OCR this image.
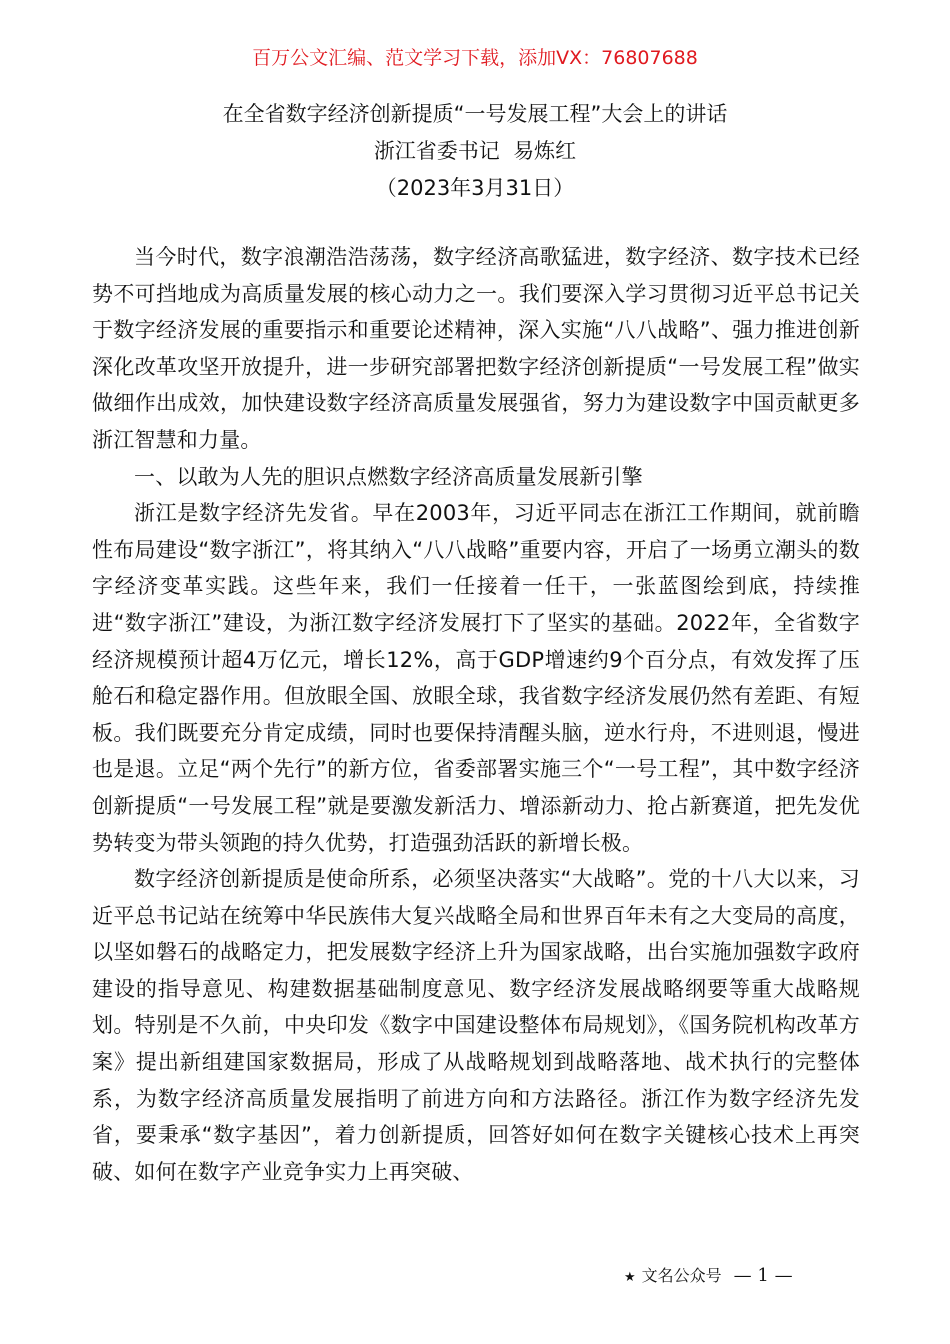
百万公文汇编、范文学习下载，添加VX：76807688
在全省数字经济创新提质“一号发展工程”大会上的讲话
浙江省委书记  易炼红
（2023年3月31日）

当今时代，数字浪潮浩浩荡荡，数字经济高歌猛进，数字经济、数字技术已经势不可挡地成为高质量发展的核心动力之一。我们要深入学习贯彻习近平总书记关于数字经济发展的重要指示和重要论述精神，深入实施“八八战略”、强力推进创新深化改革攻坚开放提升，进一步研究部署把数字经济创新提质“一号发展工程”做实做细作出成效，加快建设数字经济高质量发展强省，努力为建设数字中国贡献更多浙江智慧和力量。

一、以敢为人先的胆识点燃数字经济高质量发展新引擎

浙江是数字经济先发省。早在2003年，习近平同志在浙江工作期间，就前瞻性布局建设“数字浙江”，将其纳入“八八战略”重要内容，开启了一场勇立潮头的数字经济变革实践。这些年来，我们一任接着一任干，一张蓝图绘到底，持续推进“数字浙江”建设，为浙江数字经济发展打下了坚实的基础。2022年，全省数字经济规模预计超4万亿元，增长12%，高于GDP增速约9个百分点，有效发挥了压舱石和稳定器作用。但放眼全国、放眼全球，我省数字经济发展仍然有差距、有短板。我们既要充分肯定成绩，同时也要保持清醒头脑，逆水行舟，不进则退，慢进也是退。立足“两个先行”的新方位，省委部署实施三个“一号工程”，其中数字经济创新提质“一号发展工程”就是要激发新活力、增添新动力、抢占新赛道，把先发优势转变为带头领跑的持久优势，打造强劲活跃的新增长极。

数字经济创新提质是使命所系，必须坚决落实“大战略”。党的十八大以来，习近平总书记站在统筹中华民族伟大复兴战略全局和世界百年未有之大变局的高度，以坚如磐石的战略定力，把发展数字经济上升为国家战略，出台实施加强数字政府建设的指导意见、构建数据基础制度意见、数字经济发展战略纲要等重大战略规划。特别是不久前，中央印发《数字中国建设整体布局规划》，《国务院机构改革方案》提出新组建国家数据局，形成了从战略规划到战略落地、战术执行的完整体系，为数字经济高质量发展指明了前进方向和方法路径。浙江作为数字经济先发省，要秉承“数字基因”，着力创新提质，回答好如何在数字关键核心技术上再突破、如何在数字产业竞争实力上再突破、

★ 文名公众号 — 1 —
